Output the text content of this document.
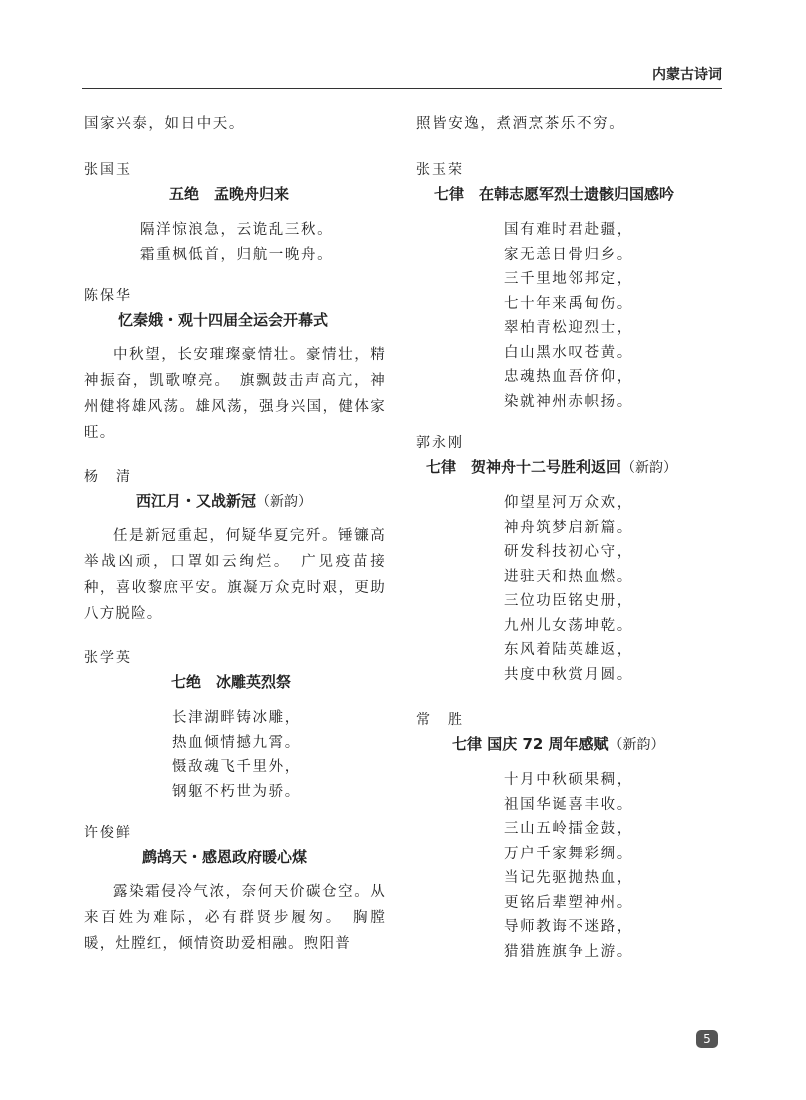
内蒙古诗词
国家兴泰，如日中天。

张国玉

五绝　孟晚舟归来

隔洋惊浪急，云诡乱三秋。
霜重枫低首，归航一晚舟。

陈保华

忆秦娥・观十四届全运会开幕式

中秋望，长安璀璨豪情壮。豪情壮，精神振奋，凯歌嘹亮。　旗飘鼓击声高亢，神州健将雄风荡。雄风荡，强身兴国，健体家旺。

杨　清

西江月・又战新冠（新韵）

任是新冠重起，何疑华夏完歼。锤镰高举战凶顽，口罩如云绚烂。　广见疫苗接种，喜收黎庶平安。旗凝万众克时艰，更助八方脱险。

张学英

七绝　冰雕英烈祭

长津湖畔铸冰雕，
热血倾情撼九霄。
慑敌魂飞千里外，
钢躯不朽世为骄。

许俊鲜

鹧鸪天・感恩政府暖心煤

露染霜侵冷气浓，奈何天价碳仓空。从来百姓为难际，必有群贤步履匆。　胸膛暖，灶膛红，倾情资助爱相融。煦阳普

照皆安逸，煮酒烹茶乐不穷。

张玉荣

七律　在韩志愿军烈士遗骸归国感吟

国有难时君赴疆，
家无恙日骨归乡。
三千里地邻邦定，
七十年来禹甸伤。
翠柏青松迎烈士，
白山黑水叹苍黄。
忠魂热血吾侪仰，
染就神州赤帜扬。

郭永刚

七律　贺神舟十二号胜利返回（新韵）

仰望星河万众欢，
神舟筑梦启新篇。
研发科技初心守，
进驻天和热血燃。
三位功臣铭史册，
九州儿女荡坤乾。
东风着陆英雄返，
共度中秋赏月圆。

常　胜

七律 国庆 72 周年感赋（新韵）

十月中秋硕果稠，
祖国华诞喜丰收。
三山五岭擂金鼓，
万户千家舞彩绸。
当记先驱抛热血，
更铭后辈塑神州。
导师教诲不迷路，
猎猎旌旗争上游。
5
